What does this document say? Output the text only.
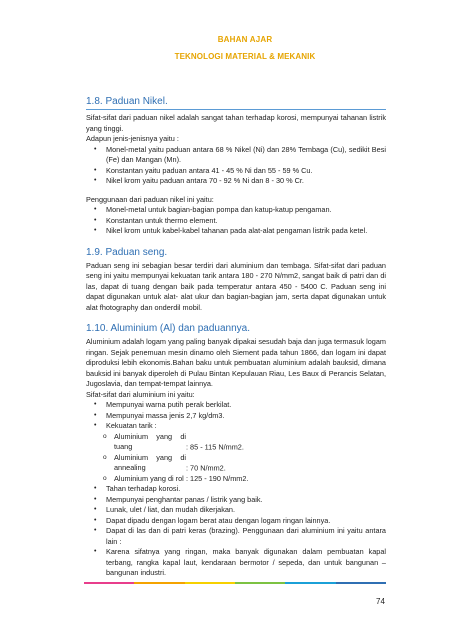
BAHAN AJAR
TEKNOLOGI MATERIAL & MEKANIK
1.8. Paduan Nikel.

Sifat-sifat dari paduan nikel adalah sangat tahan terhadap korosi, mempunyai tahanan listrik yang tinggi.

Adapun jenis-jenisnya yaitu :

• Monel-metal yaitu paduan antara 68 % Nikel (Ni) dan 28% Tembaga (Cu), sedikit Besi (Fe) dan Mangan (Mn).
• Konstantan yaitu paduan antara 41 - 45 % Ni dan 55 - 59 % Cu.
• Nikel krom yaitu paduan antara 70 - 92 % Ni dan 8 - 30 % Cr.

Penggunaan dari paduan nikel ini yaitu:

• Monel-metal untuk bagian-bagian pompa dan katup-katup pengaman.
• Konstantan untuk thermo element.
• Nikel krom untuk kabel-kabel tahanan pada alat-alat pengaman listrik pada ketel.
1.9. Paduan seng.

Paduan seng ini sebagian besar terdiri dari aluminium dan tembaga. Sifat-sifat dari paduan seng ini yaitu mempunyai kekuatan tarik antara 180 - 270 N/mm2, sangat baik di patri dan di las, dapat di tuang dengan baik pada temperatur antara 450 - 5400 C. Paduan seng ini dapat digunakan untuk alat- alat ukur dan bagian-bagian jam, serta dapat digunakan untuk alat fhotography dan onderdil mobil.

1.10. Aluminium (Al) dan paduannya.

Aluminium adalah logam yang paling banyak dipakai sesudah baja dan juga termasuk logam ringan. Sejak penemuan mesin dinamo oleh Siement pada tahun 1866, dan logam ini dapat diproduksi lebih ekonomis.Bahan baku untuk pembuatan aluminium adalah bauksid, dimana bauksid ini banyak diperoleh di Pulau Bintan Kepulauan Riau, Les Baux di Perancis Selatan, Jugoslavia, dan tempat-tempat lainnya.

Sifat-sifat dari aluminium ini yaitu:

• Mempunyai warna putih perak berkilat.
• Mempunyai massa jenis 2,7 kg/dm3.
• Kekuatan tarik :
o Aluminium yang di tuang	: 85 - 115 N/mm2.
o Aluminium yang di annealing	: 70 N/mm2.
o Aluminium yang di rol : 125 - 190 N/mm2.
• Tahan terhadap korosi.
• Mempunyai penghantar panas / listrik yang baik.
• Lunak, ulet / liat, dan mudah dikerjakan.
• Dapat dipadu dengan logam berat atau dengan logam ringan lainnya.
• Dapat di las dan di patri keras (brazing). Penggunaan dari aluminium ini yaitu antara lain :
• Karena sifatnya yang ringan, maka banyak digunakan dalam pembuatan kapal terbang, rangka kapal laut, kendaraan bermotor / sepeda, dan untuk bangunan – bangunan industri.
74
